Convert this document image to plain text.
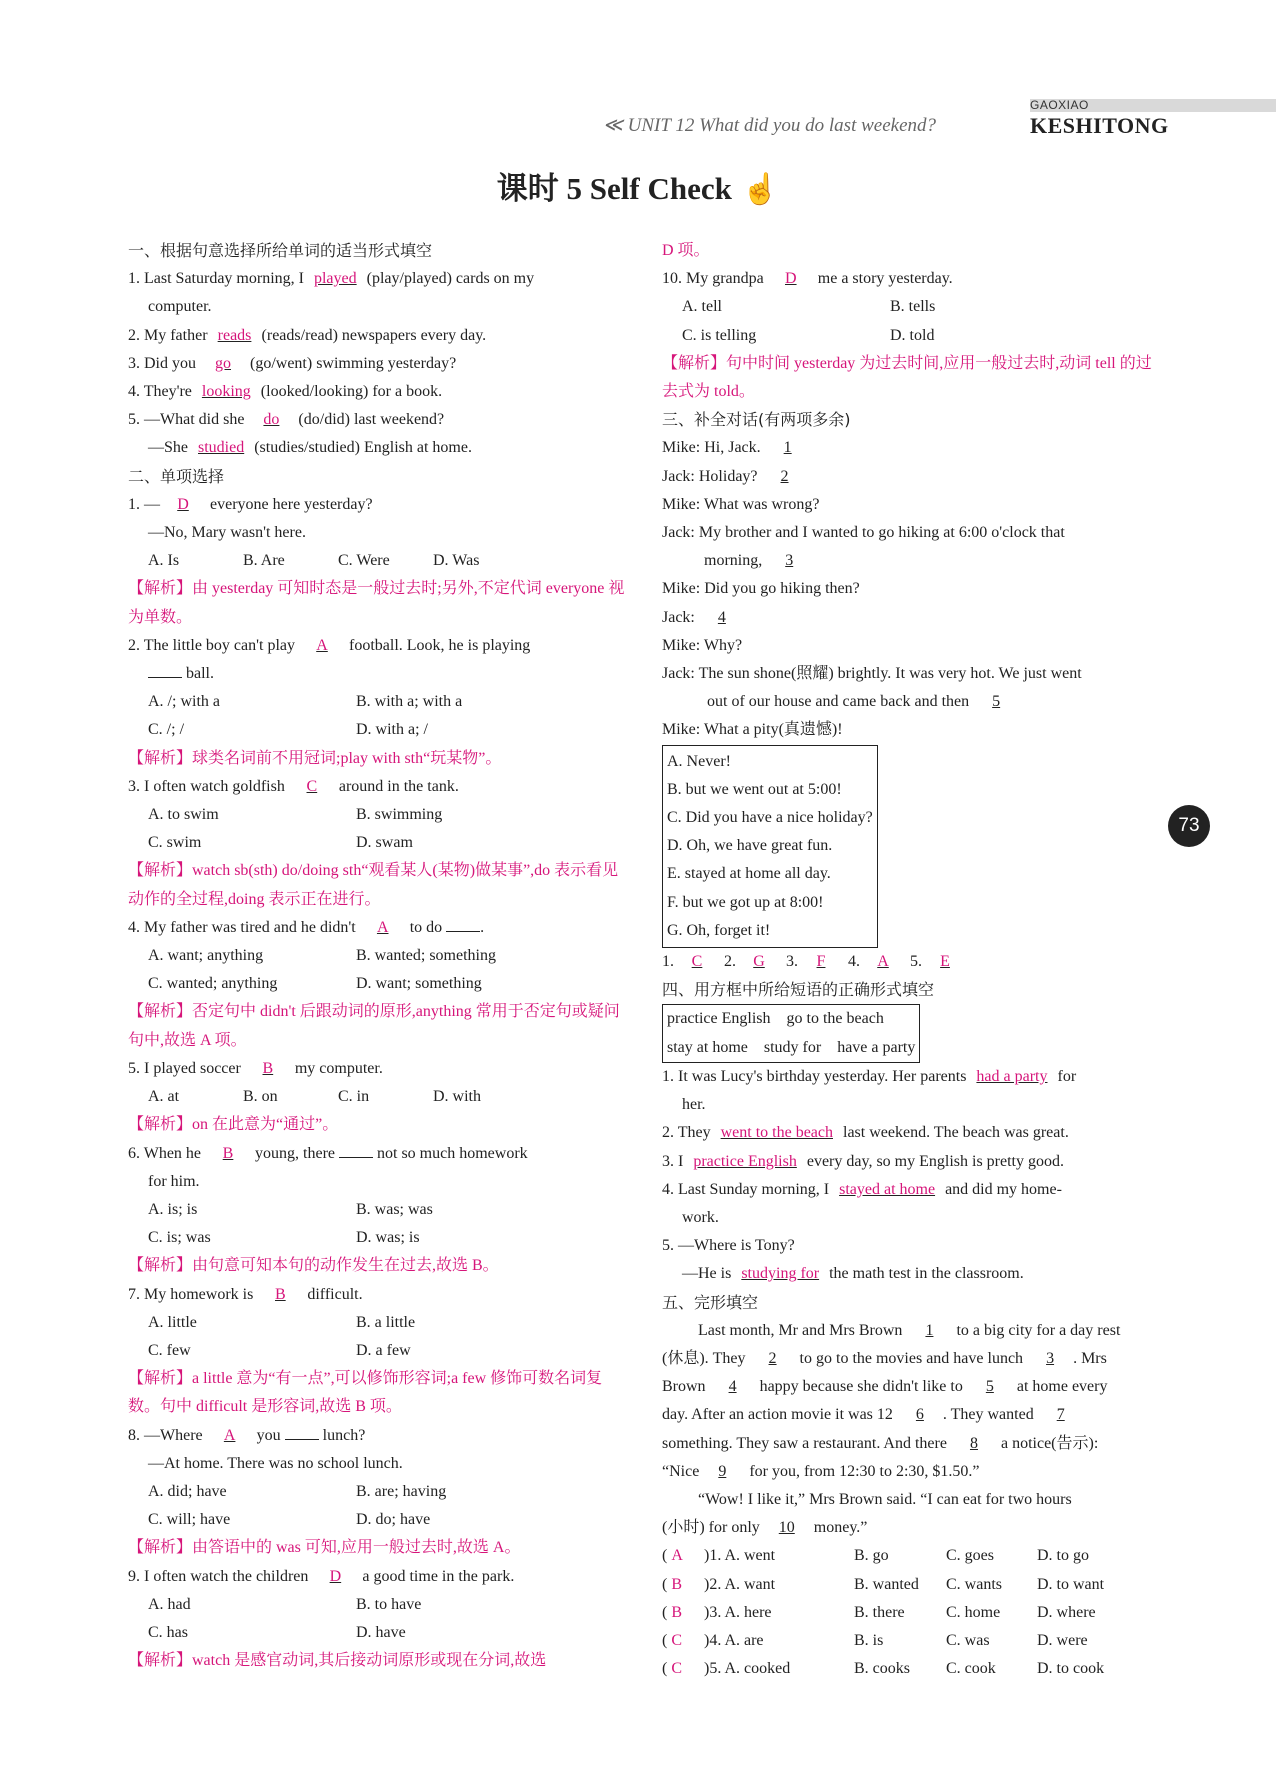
GAOXIAO
≪ UNIT 12 What did you do last weekend?	KESHITONG
课时 5 Self Check ☝
一、根据句意选择所给单词的适当形式填空
1. Last Saturday morning, I played (play/played) cards on my
computer.
2. My father reads (reads/read) newspapers every day.
3. Did you go (go/went) swimming yesterday?
4. They're looking (looked/looking) for a book.
5. —What did she do (do/did) last weekend?
—She studied (studies/studied) English at home.
二、单项选择
1. — D everyone here yesterday?
—No, Mary wasn't here.
A. Is	B. Are	C. Were	D. Was
【解析】由 yesterday 可知时态是一般过去时;另外,不定代词 everyone 视为单数。
2. The little boy can't play A football. Look, he is playing
ball.
A. /; with a	B. with a; with a
C. /; /	D. with a; /
【解析】球类名词前不用冠词;play with sth“玩某物”。
3. I often watch goldfish C around in the tank.
A. to swim	B. swimming
C. swim	D. swam
【解析】watch sb(sth) do/doing sth“观看某人(某物)做某事”,do 表示看见动作的全过程,doing 表示正在进行。
4. My father was tired and he didn't A to do .
A. want; anything	B. wanted; something
C. wanted; anything	D. want; something
【解析】否定句中 didn't 后跟动词的原形,anything 常用于否定句或疑问句中,故选 A 项。
5. I played soccer B my computer.
A. at	B. on	C. in	D. with
【解析】on 在此意为“通过”。
6. When he B young, there	not so much homework
for him.
A. is; is	B. was; was
C. is; was	D. was; is
【解析】由句意可知本句的动作发生在过去,故选 B。
7. My homework is B difficult.
A. little	B. a little
C. few	D. a few
【解析】a little 意为“有一点”,可以修饰形容词;a few 修饰可数名词复数。句中 difficult 是形容词,故选 B 项。
8. —Where A you	lunch?
—At home. There was no school lunch.
A. did; have	B. are; having
C. will; have	D. do; have
【解析】由答语中的 was 可知,应用一般过去时,故选 A。
9. I often watch the children D a good time in the park.
A. had	B. to have
C. has	D. have
【解析】watch 是感官动词,其后接动词原形或现在分词,故选
D 项。
10. My grandpa D me a story yesterday.
A. tell	B. tells
C. is telling	D. told
【解析】句中时间 yesterday 为过去时间,应用一般过去时,动词 tell 的过去式为 told。
三、补全对话(有两项多余)
Mike: Hi, Jack. 1
Jack: Holiday? 2
Mike: What was wrong?
Jack: My brother and I wanted to go hiking at 6:00 o'clock that
morning, 3
Mike: Did you go hiking then?
Jack: 4
Mike: Why?
Jack: The sun shone(照耀) brightly. It was very hot. We just went
out of our house and came back and then 5
Mike: What a pity(真遗憾)!
A. Never!
B. but we went out at 5:00!
C. Did you have a nice holiday?
D. Oh, we have great fun.
E. stayed at home all day.
F. but we got up at 8:00!
G. Oh, forget it!
1. C 2. G 3. F 4. A 5. E
四、用方框中所给短语的正确形式填空
practice English    go to the beach
stay at home    study for    have a party
1. It was Lucy's birthday yesterday. Her parents had a party for
her.
2. They went to the beach last weekend. The beach was great.
3. I practice English every day, so my English is pretty good.
4. Last Sunday morning, I stayed at home and did my home-
work.
5. —Where is Tony?
—He is studying for the math test in the classroom.
五、完形填空
Last month, Mr and Mrs Brown 1 to a big city for a day rest
(休息). They 2 to go to the movies and have lunch 3 . Mrs
Brown 4 happy because she didn't like to 5 at home every
day. After an action movie it was 12 6 . They wanted 7
something. They saw a restaurant. And there 8 a notice(告示):
“Nice 9 for you, from 12:30 to 2:30, $1.50.”
“Wow! I like it,” Mrs Brown said. “I can eat for two hours
(小时) for only 10 money.”
( A	)1. A. went	B. go	C. goes	D. to go
( B	)2. A. want	B. wanted	C. wants	D. to want
( B	)3. A. here	B. there	C. home	D. where
( C	)4. A. are	B. is	C. was	D. were
( C	)5. A. cooked	B. cooks	C. cook	D. to cook
73
